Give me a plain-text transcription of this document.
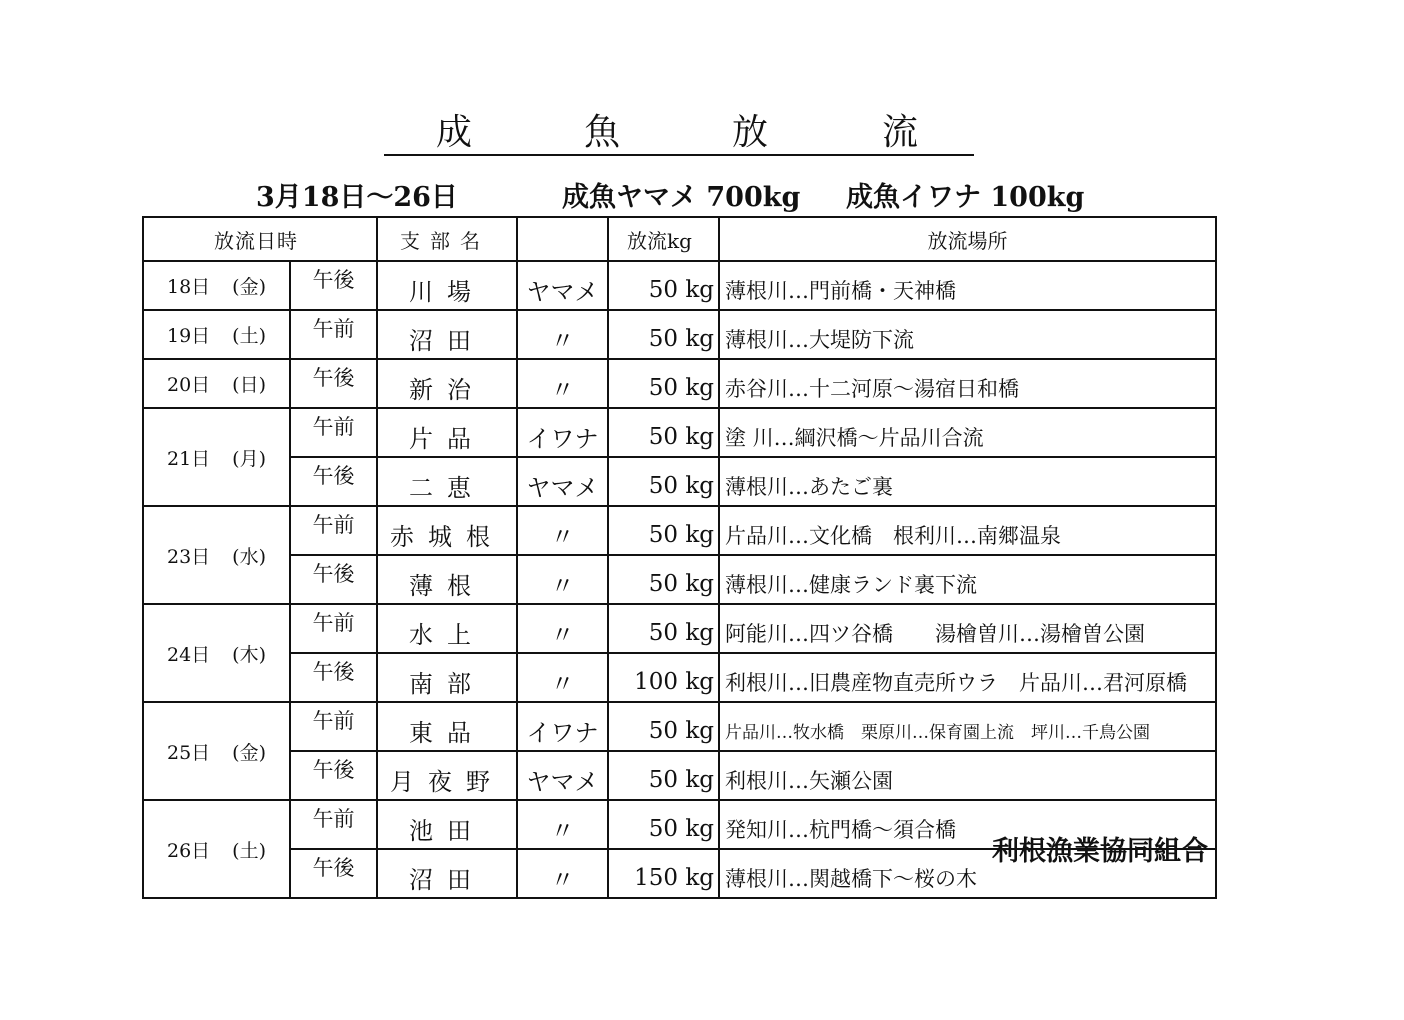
成	魚	放	流
3月18日～26日	成魚ヤマメ 700kg 成魚イワナ 100kg
放流日時		支部名		放流kg	放流場所
18日 (金)	午後	川場	ヤマメ	50 kg	薄根川…門前橋・天神橋
19日 (土)	午前	沼田	〃	50 kg	薄根川…大堤防下流
20日 (日)	午後	新治	〃	50 kg	赤谷川…十二河原～湯宿日和橋
21日 (月)	午前	片品	イワナ	50 kg	塗 川…綱沢橋～片品川合流
	午後	二恵	ヤマメ	50 kg	薄根川…あたご裏
23日 (水)	午前	赤城根	〃	50 kg	片品川…文化橋　根利川…南郷温泉
	午後	薄根	〃	50 kg	薄根川…健康ランド裏下流
24日 (木)	午前	水上	〃	50 kg	阿能川…四ツ谷橋　　湯檜曽川…湯檜曽公園
	午後	南部	〃	100 kg	利根川…旧農産物直売所ウラ　片品川…君河原橋
25日 (金)	午前	東品	イワナ	50 kg	片品川…牧水橋　栗原川…保育園上流　坪川…千鳥公園
	午後	月夜野	ヤマメ	50 kg	利根川…矢瀬公園
26日 (土)	午前	池田	〃	50 kg	発知川…杭門橋～須合橋
	午後	沼田	〃	150 kg	薄根川…関越橋下～桜の木
利根漁業協同組合
